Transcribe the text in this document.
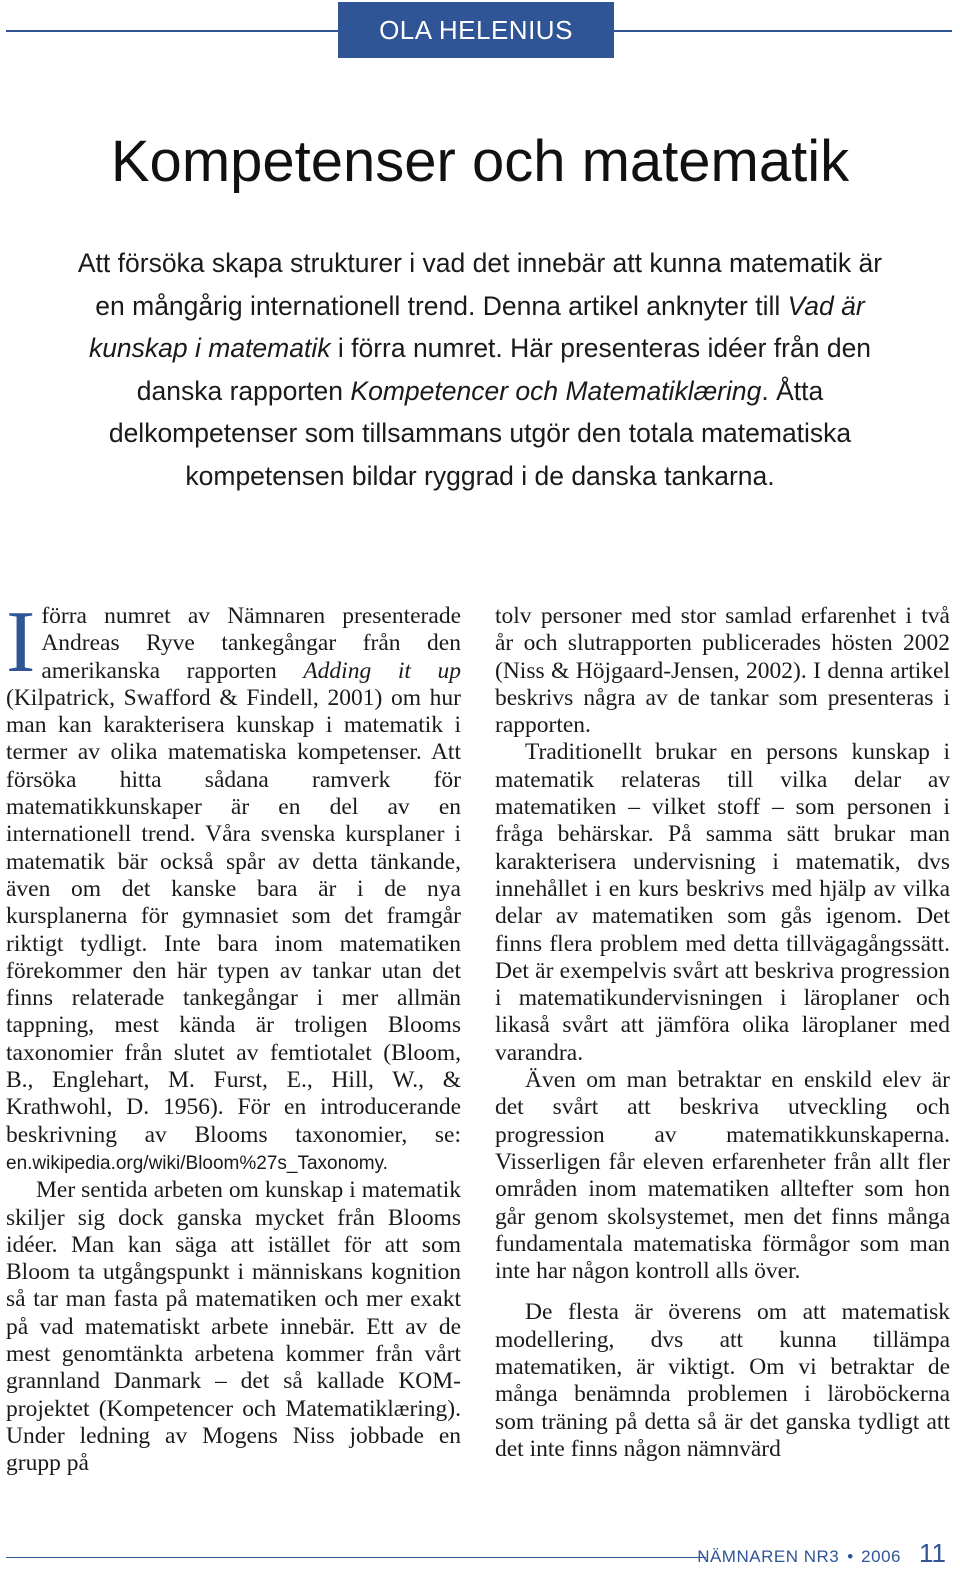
OLA HELENIUS
Kompetenser och matematik

Att försöka skapa strukturer i vad det innebär att kunna matematik är en mångårig internationell trend. Denna artikel anknyter till Vad är kunskap i matematik i förra numret. Här presenteras idéer från den danska rapporten Kompetencer och Matematiklæring. Åtta delkompetenser som tillsammans utgör den totala matematiska kompetensen bildar ryggrad i de danska tankarna.

I förra numret av Nämnaren presenterade Andreas Ryve tankegångar från den amerikanska rapporten Adding it up (Kilpatrick, Swafford & Findell, 2001) om hur man kan karakterisera kunskap i matematik i termer av olika matematiska kompetenser. Att försöka hitta sådana ramverk för matematikkunskaper är en del av en internationell trend. Våra svenska kursplaner i matematik bär också spår av detta tänkande, även om det kanske bara är i de nya kursplanerna för gymnasiet som det framgår riktigt tydligt. Inte bara inom matematiken förekommer den här typen av tankar utan det finns relaterade tankegångar i mer allmän tappning, mest kända är troligen Blooms taxonomier från slutet av femtiotalet (Bloom, B., Englehart, M. Furst, E., Hill, W., & Krathwohl, D. 1956). För en introducerande beskrivning av Blooms taxonomier, se: en.wikipedia.org/wiki/Bloom%27s_Taxonomy.

Mer sentida arbeten om kunskap i matematik skiljer sig dock ganska mycket från Blooms idéer. Man kan säga att istället för att som Bloom ta utgångspunkt i människans kognition så tar man fasta på matematiken och mer exakt på vad matematiskt arbete innebär. Ett av de mest genomtänkta arbetena kommer från vårt grannland Danmark – det så kallade KOM-projektet (Kompetencer och Matematiklæring). Under ledning av Mogens Niss jobbade en grupp på

tolv personer med stor samlad erfarenhet i två år och slutrapporten publicerades hösten 2002 (Niss & Höjgaard-Jensen, 2002). I denna artikel beskrivs några av de tankar som presenteras i rapporten.

Traditionellt brukar en persons kunskap i matematik relateras till vilka delar av matematiken – vilket stoff – som personen i fråga behärskar. På samma sätt brukar man karakterisera undervisning i matematik, dvs innehållet i en kurs beskrivs med hjälp av vilka delar av matematiken som gås igenom. Det finns flera problem med detta tillvägagångssätt. Det är exempelvis svårt att beskriva progression i matematikundervisningen i läroplaner och likaså svårt att jämföra olika läroplaner med varandra.

Även om man betraktar en enskild elev är det svårt att beskriva utveckling och progression av matematikkunskaperna. Visserligen får eleven erfarenheter från allt fler områden inom matematiken alltefter som hon går genom skolsystemet, men det finns många fundamentala matematiska förmågor som man inte har någon kontroll alls över.

De flesta är överens om att matematisk modellering, dvs att kunna tillämpa matematiken, är viktigt. Om vi betraktar de många benämnda problemen i läroböckerna som träning på detta så är det ganska tydligt att det inte finns någon nämnvärd

NÄMNAREN NR3 • 2006 11
